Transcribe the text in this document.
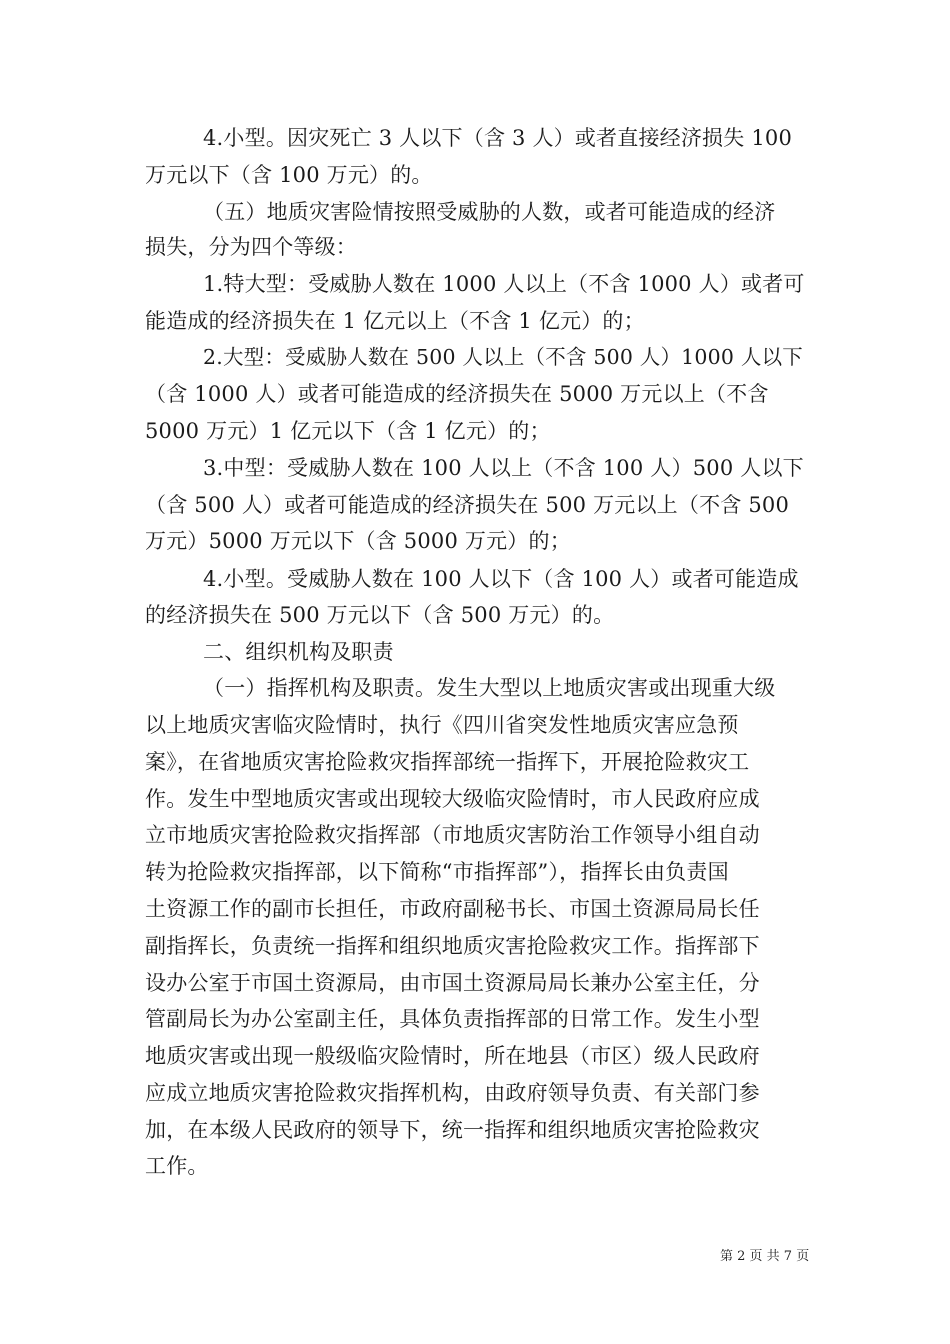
4.小型。因灾死亡 3 人以下（含 3 人）或者直接经济损失 100
万元以下（含 100 万元）的。
（五）地质灾害险情按照受威胁的人数，或者可能造成的经济
损失，分为四个等级：
1.特大型：受威胁人数在 1000 人以上（不含 1000 人）或者可
能造成的经济损失在 1 亿元以上（不含 1 亿元）的；
2.大型：受威胁人数在 500 人以上（不含 500 人）1000 人以下
（含 1000 人）或者可能造成的经济损失在 5000 万元以上（不含
5000 万元）1 亿元以下（含 1 亿元）的；
3.中型：受威胁人数在 100 人以上（不含 100 人）500 人以下
（含 500 人）或者可能造成的经济损失在 500 万元以上（不含 500
万元）5000 万元以下（含 5000 万元）的；
4.小型。受威胁人数在 100 人以下（含 100 人）或者可能造成
的经济损失在 500 万元以下（含 500 万元）的。
二、组织机构及职责
（一）指挥机构及职责。发生大型以上地质灾害或出现重大级
以上地质灾害临灾险情时，执行《四川省突发性地质灾害应急预
案》，在省地质灾害抢险救灾指挥部统一指挥下，开展抢险救灾工
作。发生中型地质灾害或出现较大级临灾险情时，市人民政府应成
立市地质灾害抢险救灾指挥部（市地质灾害防治工作领导小组自动
转为抢险救灾指挥部，以下简称“市指挥部”），指挥长由负责国
土资源工作的副市长担任，市政府副秘书长、市国土资源局局长任
副指挥长，负责统一指挥和组织地质灾害抢险救灾工作。指挥部下
设办公室于市国土资源局，由市国土资源局局长兼办公室主任，分
管副局长为办公室副主任，具体负责指挥部的日常工作。发生小型
地质灾害或出现一般级临灾险情时，所在地县（市区）级人民政府
应成立地质灾害抢险救灾指挥机构，由政府领导负责、有关部门参
加，在本级人民政府的领导下，统一指挥和组织地质灾害抢险救灾
工作。
第 2 页 共 7 页
